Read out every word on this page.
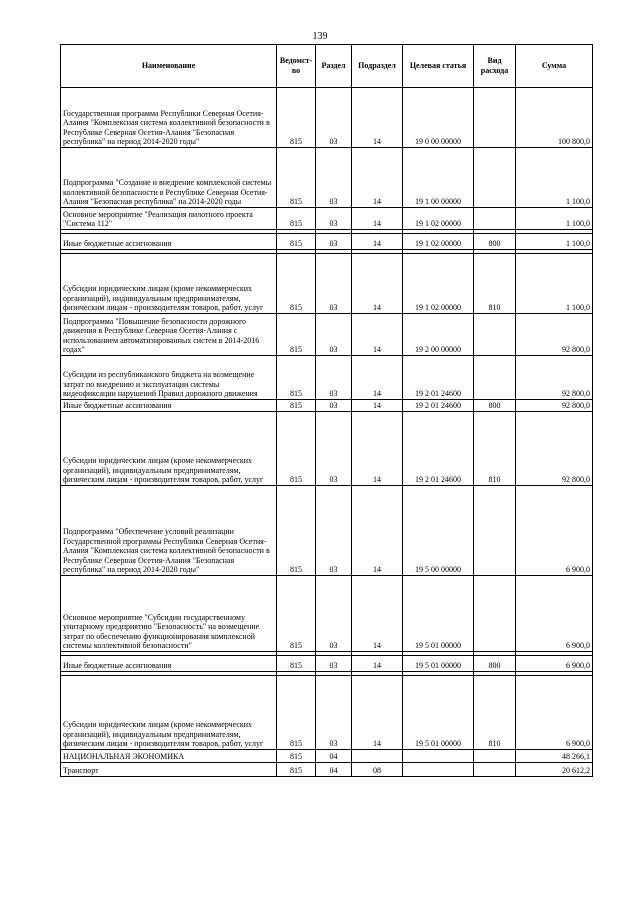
139
Наименование	Ведомст-во	Раздел	Подраздел	Целевая статья	Вид расхода	Сумма
Государственная программа Республики Северная Осетия-Алания "Комплексная система коллективной безопасности в Республике Северная Осетия-Алания "Безопасная республика" на период 2014-2020 годы"	815	03	14	19 0 00 00000		100 800,0
Подпрограмма "Создание и внедрение комплексной системы коллективной безопасности в Республике Северная Осетия-Алания "Безопасная республика" на 2014-2020 годы	815	03	14	19 1 00 00000		1 100,0
Основное мероприятие "Реализация пилотного проекта "Система 112"	815	03	14	19 1 02 00000		1 100,0

Иные бюджетные ассигнования	815	03	14	19 1 02 00000	800	1 100,0

Субсидии юридическим лицам (кроме некоммерческих организаций), индивидуальным предпринимателям, физическим лицам - производителям товаров, работ, услуг	815	03	14	19 1 02 00000	810	1 100,0
Подпрограмма "Повышение безопасности дорожного движения в Республике Северная Осетия-Алания с использованием автоматизированных систем в 2014-2016 годах"	815	03	14	19 2 00 00000		92 800,0
Субсидии из республиканского бюджета на возмещение затрат по внедрению и эксплуатации системы видеофиксации нарушений Правил дорожного движения	815	03	14	19 2 01 24600		92 800,0
Иные бюджетные ассигнования	815	03	14	19 2 01 24600	800	92 800,0
Субсидии юридическим лицам (кроме некоммерческих организаций), индивидуальным предпринимателям, физическим лицам - производителям товаров, работ, услуг	815	03	14	19 2 01 24600	810	92 800,0
Подпрограмма "Обеспечение условий реализации Государственной программы Республики Северная Осетия-Алания "Комплексная система коллективной безопасности в Республике Северная Осетия-Алания "Безопасная республика" на период 2014-2020 годы"	815	03	14	19 5 00 00000		6 900,0
Основное мероприятие "Субсидии государственному унитарному предприятию "Безопасность" на возмещение затрат по обеспечению функционирования комплексной системы коллективной безопасности"	815	03	14	19 5 01 00000		6 900,0

Иные бюджетные ассигнования	815	03	14	19 5 01 00000	800	6 900,0

Субсидии юридическим лицам (кроме некоммерческих организаций), индивидуальным предпринимателям, физическим лицам - производителям товаров, работ, услуг	815	03	14	19 5 01 00000	810	6 900,0
НАЦИОНАЛЬНАЯ ЭКОНОМИКА	815	04				48 266,1
Транспорт	815	04	08			20 612,2
